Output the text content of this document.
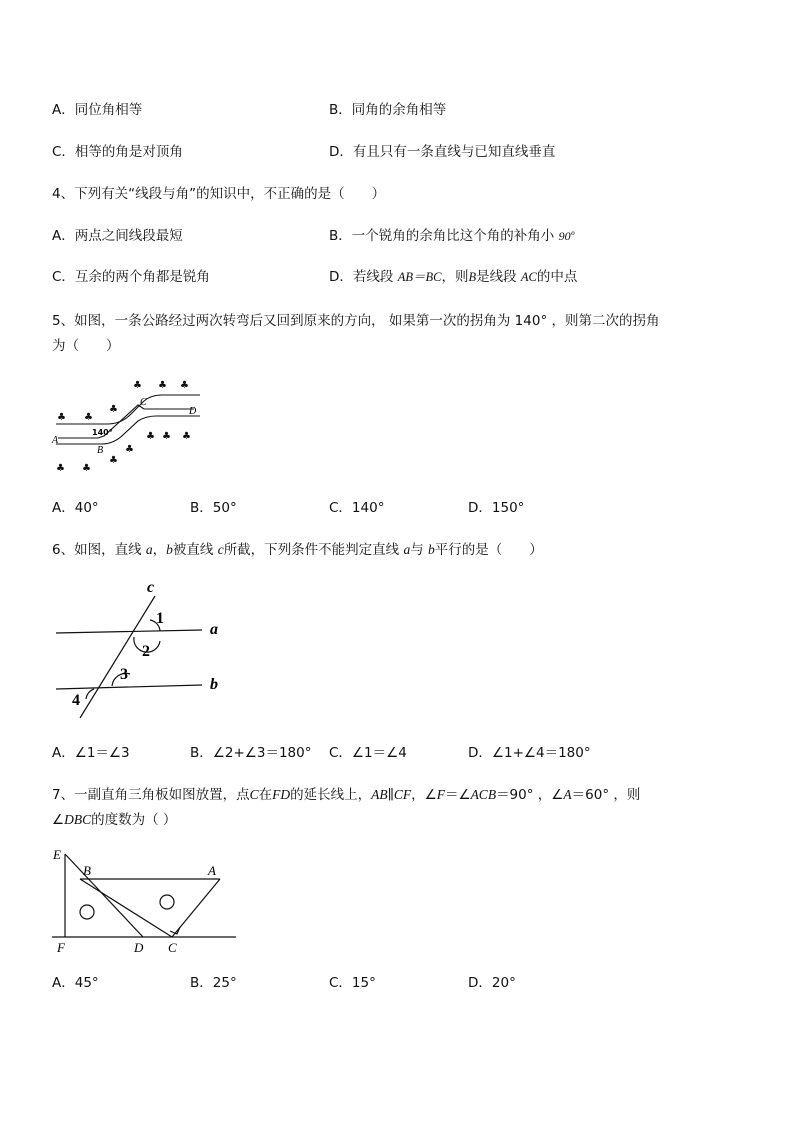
A．同位角相等	B．同角的余角相等
C．相等的角是对顶角	D．有且只有一条直线与已知直线垂直
4、下列有关“线段与角”的知识中，不正确的是（　　）
A．两点之间线段最短	B．一个锐角的余角比这个角的补角小 90º
C．互余的两个角都是锐角	D．若线段 AB＝BC，则B是线段 AC的中点
5、如图，一条公路经过两次转弯后又回到原来的方向， 如果第一次的拐角为 140° ，则第二次的拐角
为（　　）
♣ ♣
♣
♣ ♣ ♣
♣ ♣
♣
♣
♣ ♣ ♣
A
B
C
D
140°
A．40°	B．50°	C．140°	D．150°
6、如图，直线 a，b被直线 c所截，下列条件不能判定直线 a与 b平行的是（　　）
c
a
b
1
2
3
4
A．∠1＝∠3	B．∠2+∠3＝180° C．∠1＝∠4	D．∠1+∠4＝180°
7、一副直角三角板如图放置，点C在FD的延长线上，AB∥CF，∠F＝∠ACB＝90° ，∠A＝60° ，则
∠DBC的度数为（ ）
E
B	A
F	D C
A．45°	B．25°	C．15°	D．20°
